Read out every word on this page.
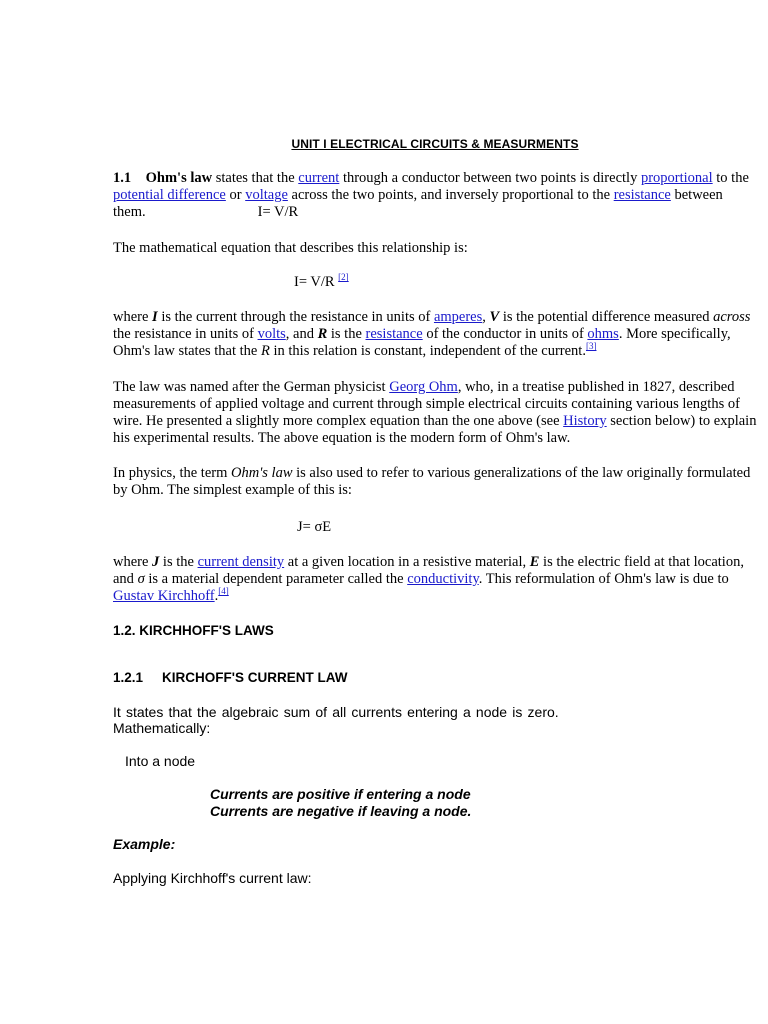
UNIT I ELECTRICAL CIRCUITS & MEASURMENTS

1.1 Ohm's law states that the current through a conductor between two points is directly proportional to the potential difference or voltage across the two points, and inversely proportional to the resistance between them.	I= V/R

The mathematical equation that describes this relationship is:

I= V/R [2]

where I is the current through the resistance in units of amperes, V is the potential difference measured across the resistance in units of volts, and R is the resistance of the conductor in units of ohms. More specifically, Ohm's law states that the R in this relation is constant, independent of the current.[3]

The law was named after the German physicist Georg Ohm, who, in a treatise published in 1827, described measurements of applied voltage and current through simple electrical circuits containing various lengths of wire. He presented a slightly more complex equation than the one above (see History section below) to explain his experimental results. The above equation is the modern form of Ohm's law.

In physics, the term Ohm's law is also used to refer to various generalizations of the law originally formulated by Ohm. The simplest example of this is:

J= σE

where J is the current density at a given location in a resistive material, E is the electric field at that location, and σ is a material dependent parameter called the conductivity. This reformulation of Ohm's law is due to Gustav Kirchhoff.[4]

1.2. KIRCHHOFF'S LAWS
1.2.1 KIRCHOFF'S CURRENT LAW
It states that the algebraic sum of all currents entering a node is zero.
Mathematically:
Into a node
Currents are positive if entering a node
Currents are negative if leaving a node.
Example:
Applying Kirchhoff's current law:
